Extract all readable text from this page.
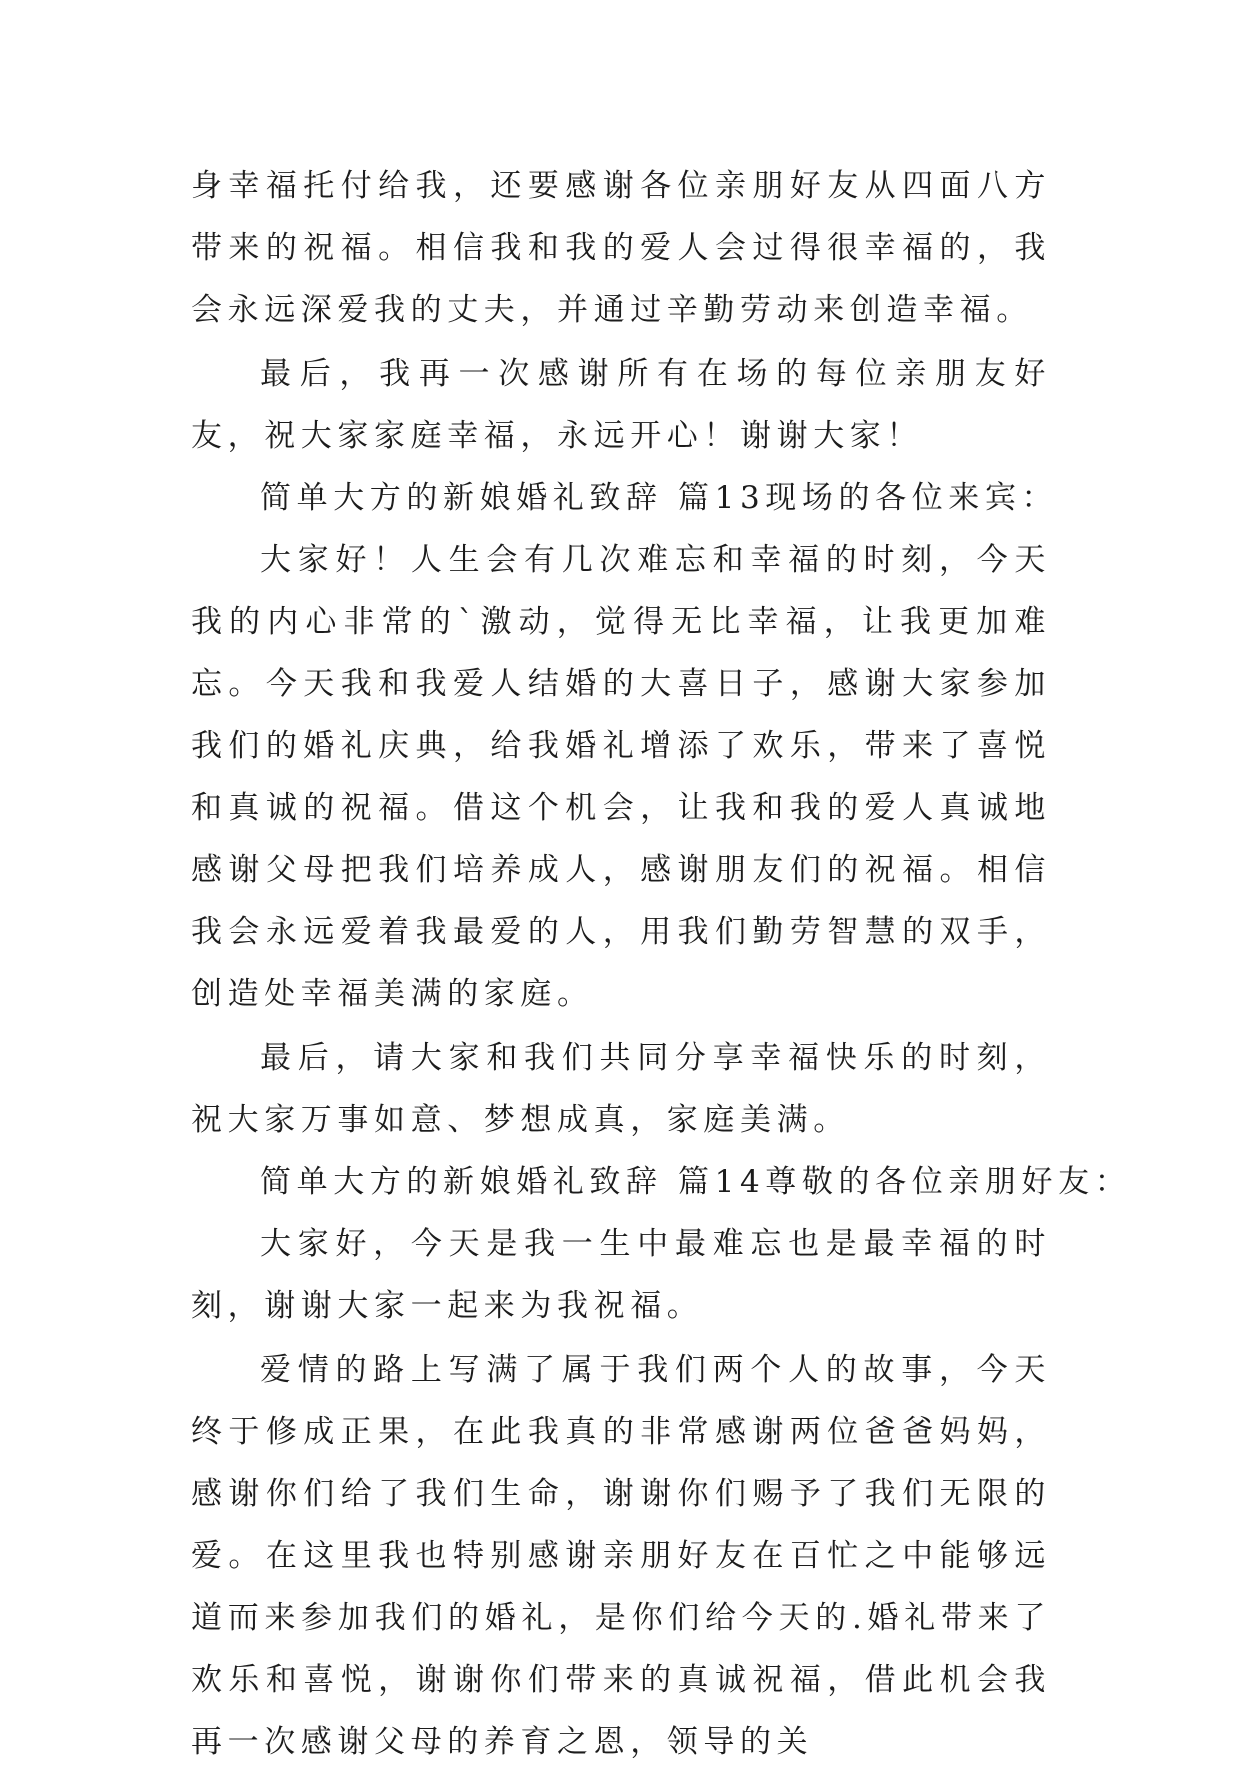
身幸福托付给我，还要感谢各位亲朋好友从四面八方带来的祝福。相信我和我的爱人会过得很幸福的，我会永远深爱我的丈夫，并通过辛勤劳动来创造幸福。

最后，我再一次感谢所有在场的每位亲朋友好友，祝大家家庭幸福，永远开心！谢谢大家！

简单大方的新娘婚礼致辞 篇13现场的各位来宾：

大家好！人生会有几次难忘和幸福的时刻，今天我的内心非常的`激动，觉得无比幸福，让我更加难忘。今天我和我爱人结婚的大喜日子，感谢大家参加我们的婚礼庆典，给我婚礼增添了欢乐，带来了喜悦和真诚的祝福。借这个机会，让我和我的爱人真诚地感谢父母把我们培养成人，感谢朋友们的祝福。相信我会永远爱着我最爱的人，用我们勤劳智慧的双手，创造处幸福美满的家庭。

最后，请大家和我们共同分享幸福快乐的时刻，祝大家万事如意、梦想成真，家庭美满。

简单大方的新娘婚礼致辞 篇14尊敬的各位亲朋好友：

大家好，今天是我一生中最难忘也是最幸福的时刻，谢谢大家一起来为我祝福。

爱情的路上写满了属于我们两个人的故事，今天终于修成正果，在此我真的非常感谢两位爸爸妈妈，感谢你们给了我们生命，谢谢你们赐予了我们无限的爱。在这里我也特别感谢亲朋好友在百忙之中能够远道而来参加我们的婚礼，是你们给今天的.婚礼带来了欢乐和喜悦，谢谢你们带来的真诚祝福，借此机会我再一次感谢父母的养育之恩，领导的关
